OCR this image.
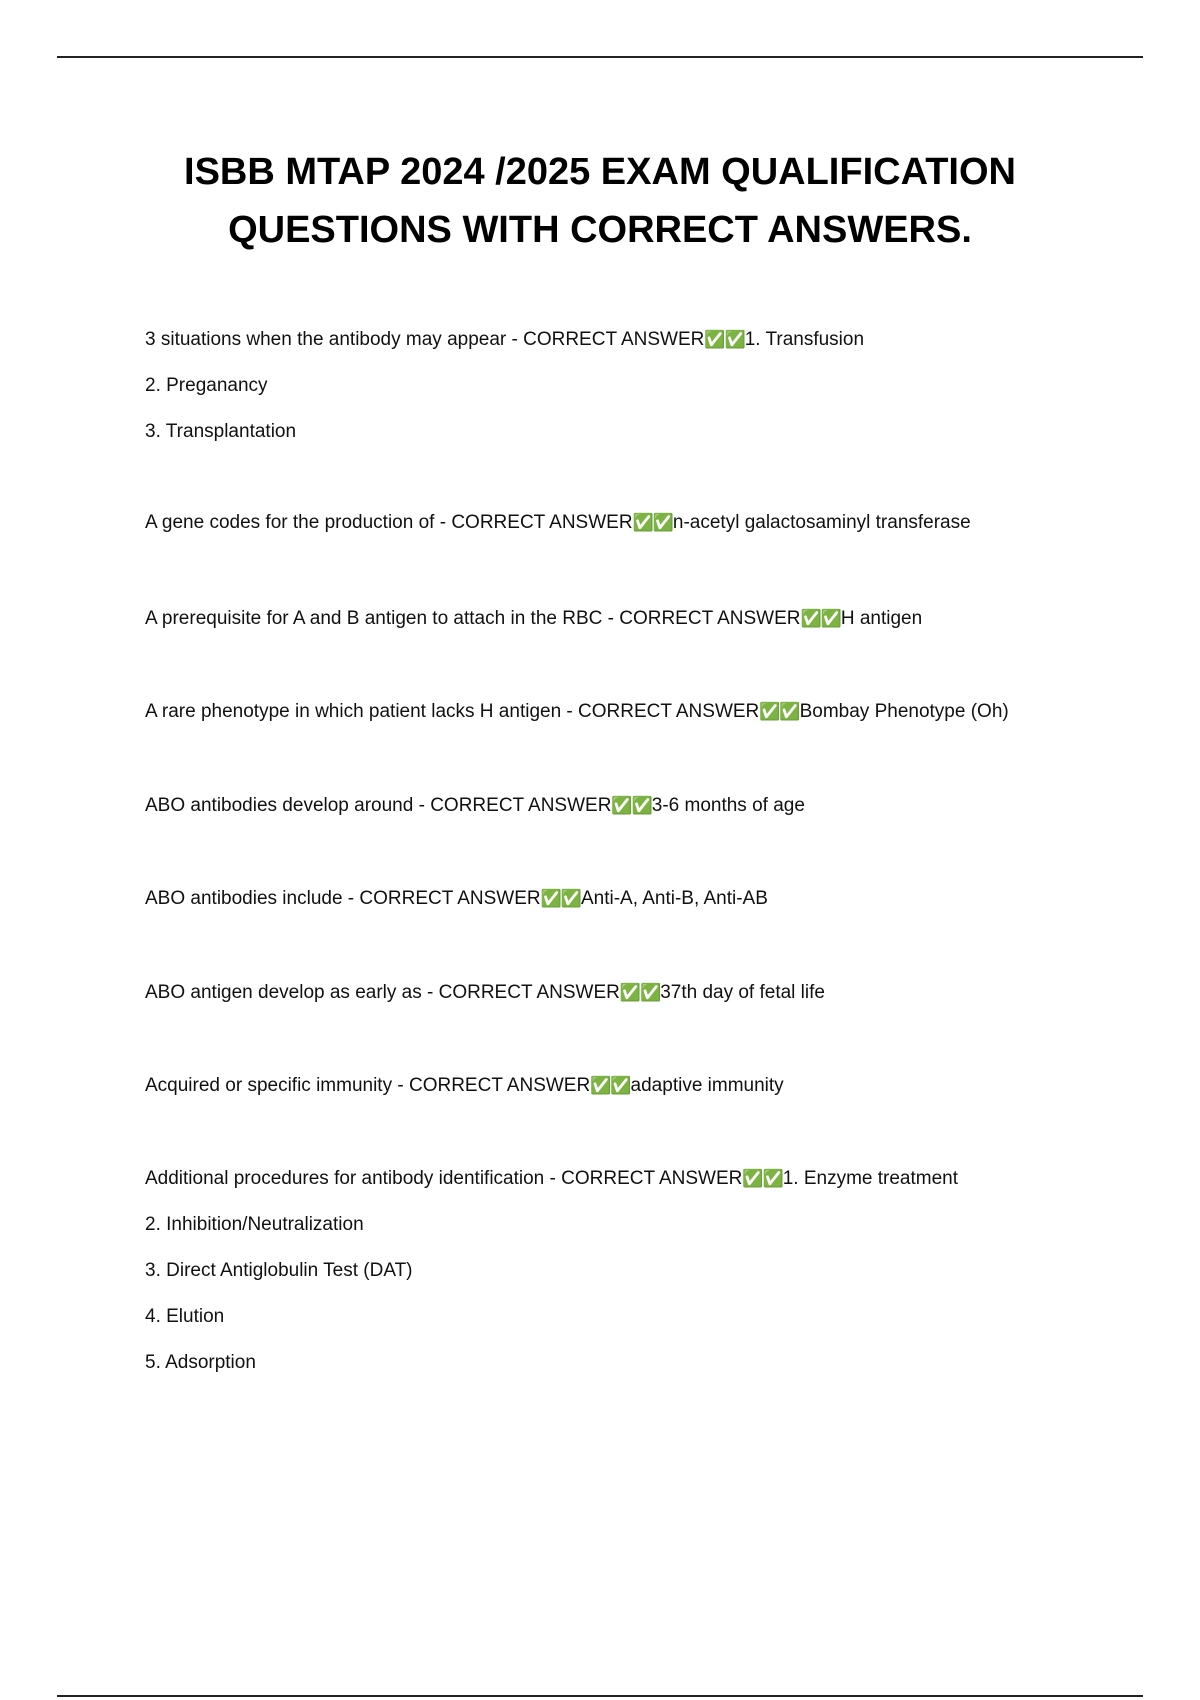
ISBB MTAP 2024 /2025 EXAM QUALIFICATION
QUESTIONS WITH CORRECT ANSWERS.
3 situations when the antibody may appear - CORRECT ANSWER✅✅1. Transfusion
2. Preganancy
3. Transplantation
A gene codes for the production of - CORRECT ANSWER✅✅n-acetyl galactosaminyl transferase
A prerequisite for A and B antigen to attach in the RBC - CORRECT ANSWER✅✅H antigen
A rare phenotype in which patient lacks H antigen - CORRECT ANSWER✅✅Bombay Phenotype (Oh)
ABO antibodies develop around - CORRECT ANSWER✅✅3-6 months of age
ABO antibodies include - CORRECT ANSWER✅✅Anti-A, Anti-B, Anti-AB
ABO antigen develop as early as - CORRECT ANSWER✅✅37th day of fetal life
Acquired or specific immunity - CORRECT ANSWER✅✅adaptive immunity
Additional procedures for antibody identification - CORRECT ANSWER✅✅1. Enzyme treatment
2. Inhibition/Neutralization
3. Direct Antiglobulin Test (DAT)
4. Elution
5. Adsorption
